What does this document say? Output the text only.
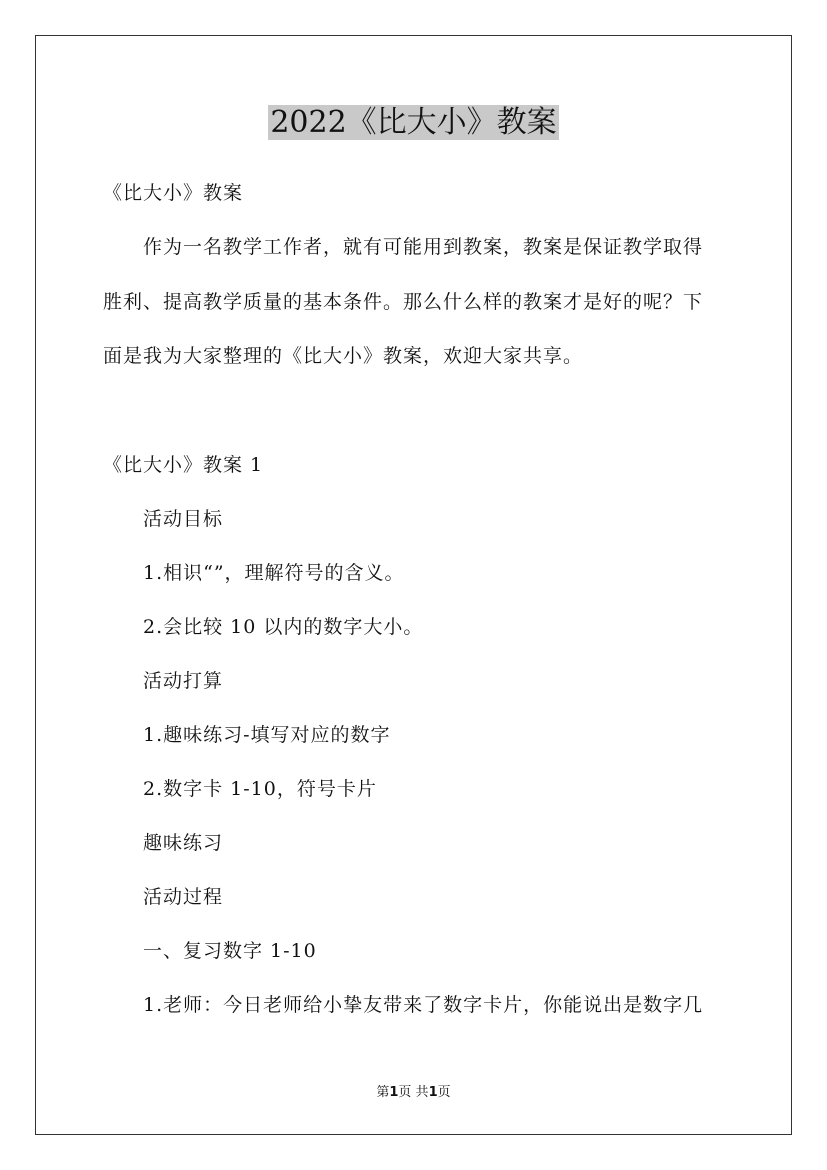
2022《比大小》教案
《比大小》教案
作为一名教学工作者，就有可能用到教案，教案是保证教学取得
胜利、提高教学质量的基本条件。那么什么样的教案才是好的呢？下
面是我为大家整理的《比大小》教案，欢迎大家共享。
《比大小》教案 1
活动目标
1.相识“”，理解符号的含义。
2.会比较 10 以内的数字大小。
活动打算
1.趣味练习-填写对应的数字
2.数字卡 1-10，符号卡片
趣味练习
活动过程
一、复习数字 1-10
1.老师：今日老师给小挚友带来了数字卡片，你能说出是数字几
第1页 共1页
